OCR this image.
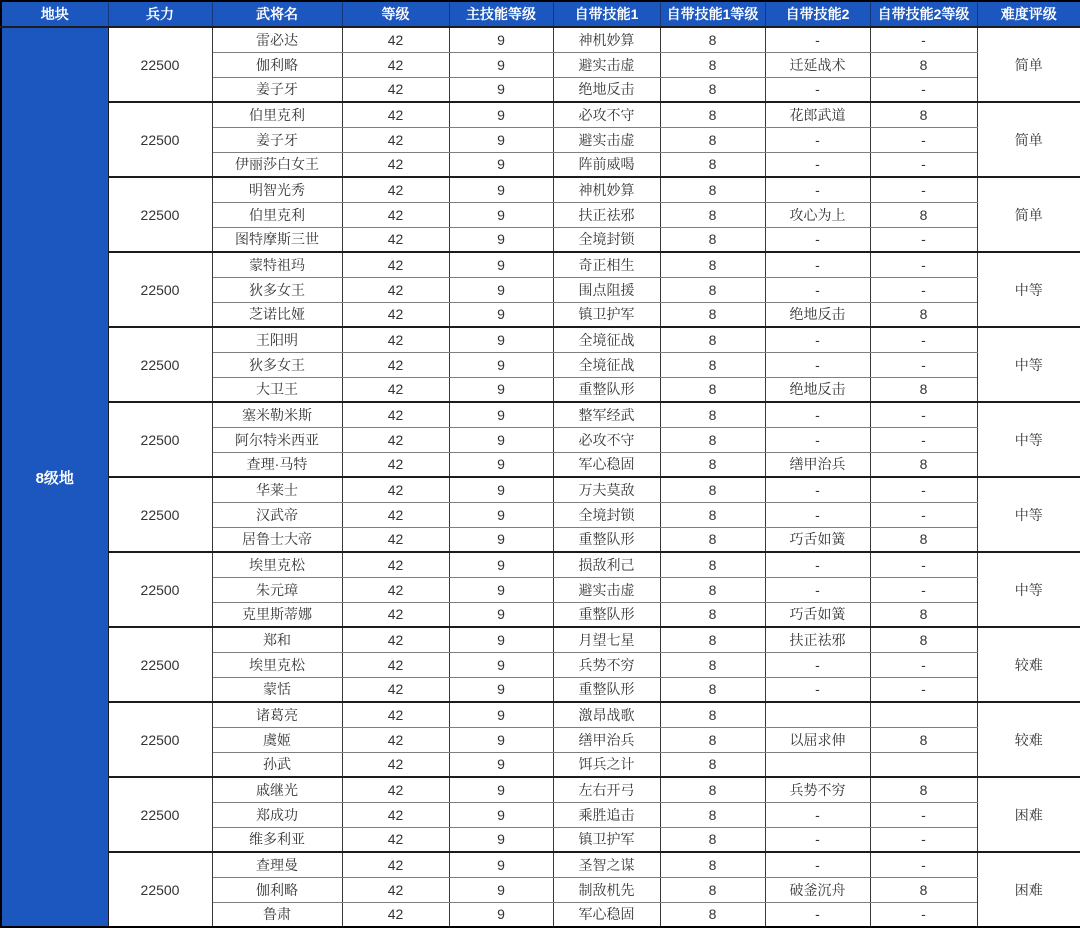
地块	兵力	武将名	等级	主技能等级	自带技能1	自带技能1等级	自带技能2	自带技能2等级	难度评级
8级地	22500	雷必达	42	9	神机妙算	8	-	-	简单
		伽利略	42	9	避实击虚	8	迁延战术	8	
		姜子牙	42	9	绝地反击	8	-	-	
	22500	伯里克利	42	9	必攻不守	8	花郎武道	8	简单
		姜子牙	42	9	避实击虚	8	-	-	
		伊丽莎白女王	42	9	阵前威喝	8	-	-	
	22500	明智光秀	42	9	神机妙算	8	-	-	简单
		伯里克利	42	9	扶正祛邪	8	攻心为上	8	
		图特摩斯三世	42	9	全境封锁	8	-	-	
	22500	蒙特祖玛	42	9	奇正相生	8	-	-	中等
		狄多女王	42	9	围点阻援	8	-	-	
		芝诺比娅	42	9	镇卫护军	8	绝地反击	8	
	22500	王阳明	42	9	全境征战	8	-	-	中等
		狄多女王	42	9	全境征战	8	-	-	
		大卫王	42	9	重整队形	8	绝地反击	8	
	22500	塞米勒米斯	42	9	整军经武	8	-	-	中等
		阿尔特米西亚	42	9	必攻不守	8	-	-	
		查理·马特	42	9	军心稳固	8	缮甲治兵	8	
	22500	华莱士	42	9	万夫莫敌	8	-	-	中等
		汉武帝	42	9	全境封锁	8	-	-	
		居鲁士大帝	42	9	重整队形	8	巧舌如簧	8	
	22500	埃里克松	42	9	损敌利己	8	-	-	中等
		朱元璋	42	9	避实击虚	8	-	-	
		克里斯蒂娜	42	9	重整队形	8	巧舌如簧	8	
	22500	郑和	42	9	月望七星	8	扶正祛邪	8	较难
		埃里克松	42	9	兵势不穷	8	-	-	
		蒙恬	42	9	重整队形	8	-	-	
	22500	诸葛亮	42	9	激昂战歌	8			较难
		虞姬	42	9	缮甲治兵	8	以屈求伸	8	
		孙武	42	9	饵兵之计	8			
	22500	戚继光	42	9	左右开弓	8	兵势不穷	8	困难
		郑成功	42	9	乘胜追击	8	-	-	
		维多利亚	42	9	镇卫护军	8	-	-	
	22500	查理曼	42	9	圣智之谋	8	-	-	困难
		伽利略	42	9	制敌机先	8	破釜沉舟	8	
		鲁肃	42	9	军心稳固	8	-	-	
